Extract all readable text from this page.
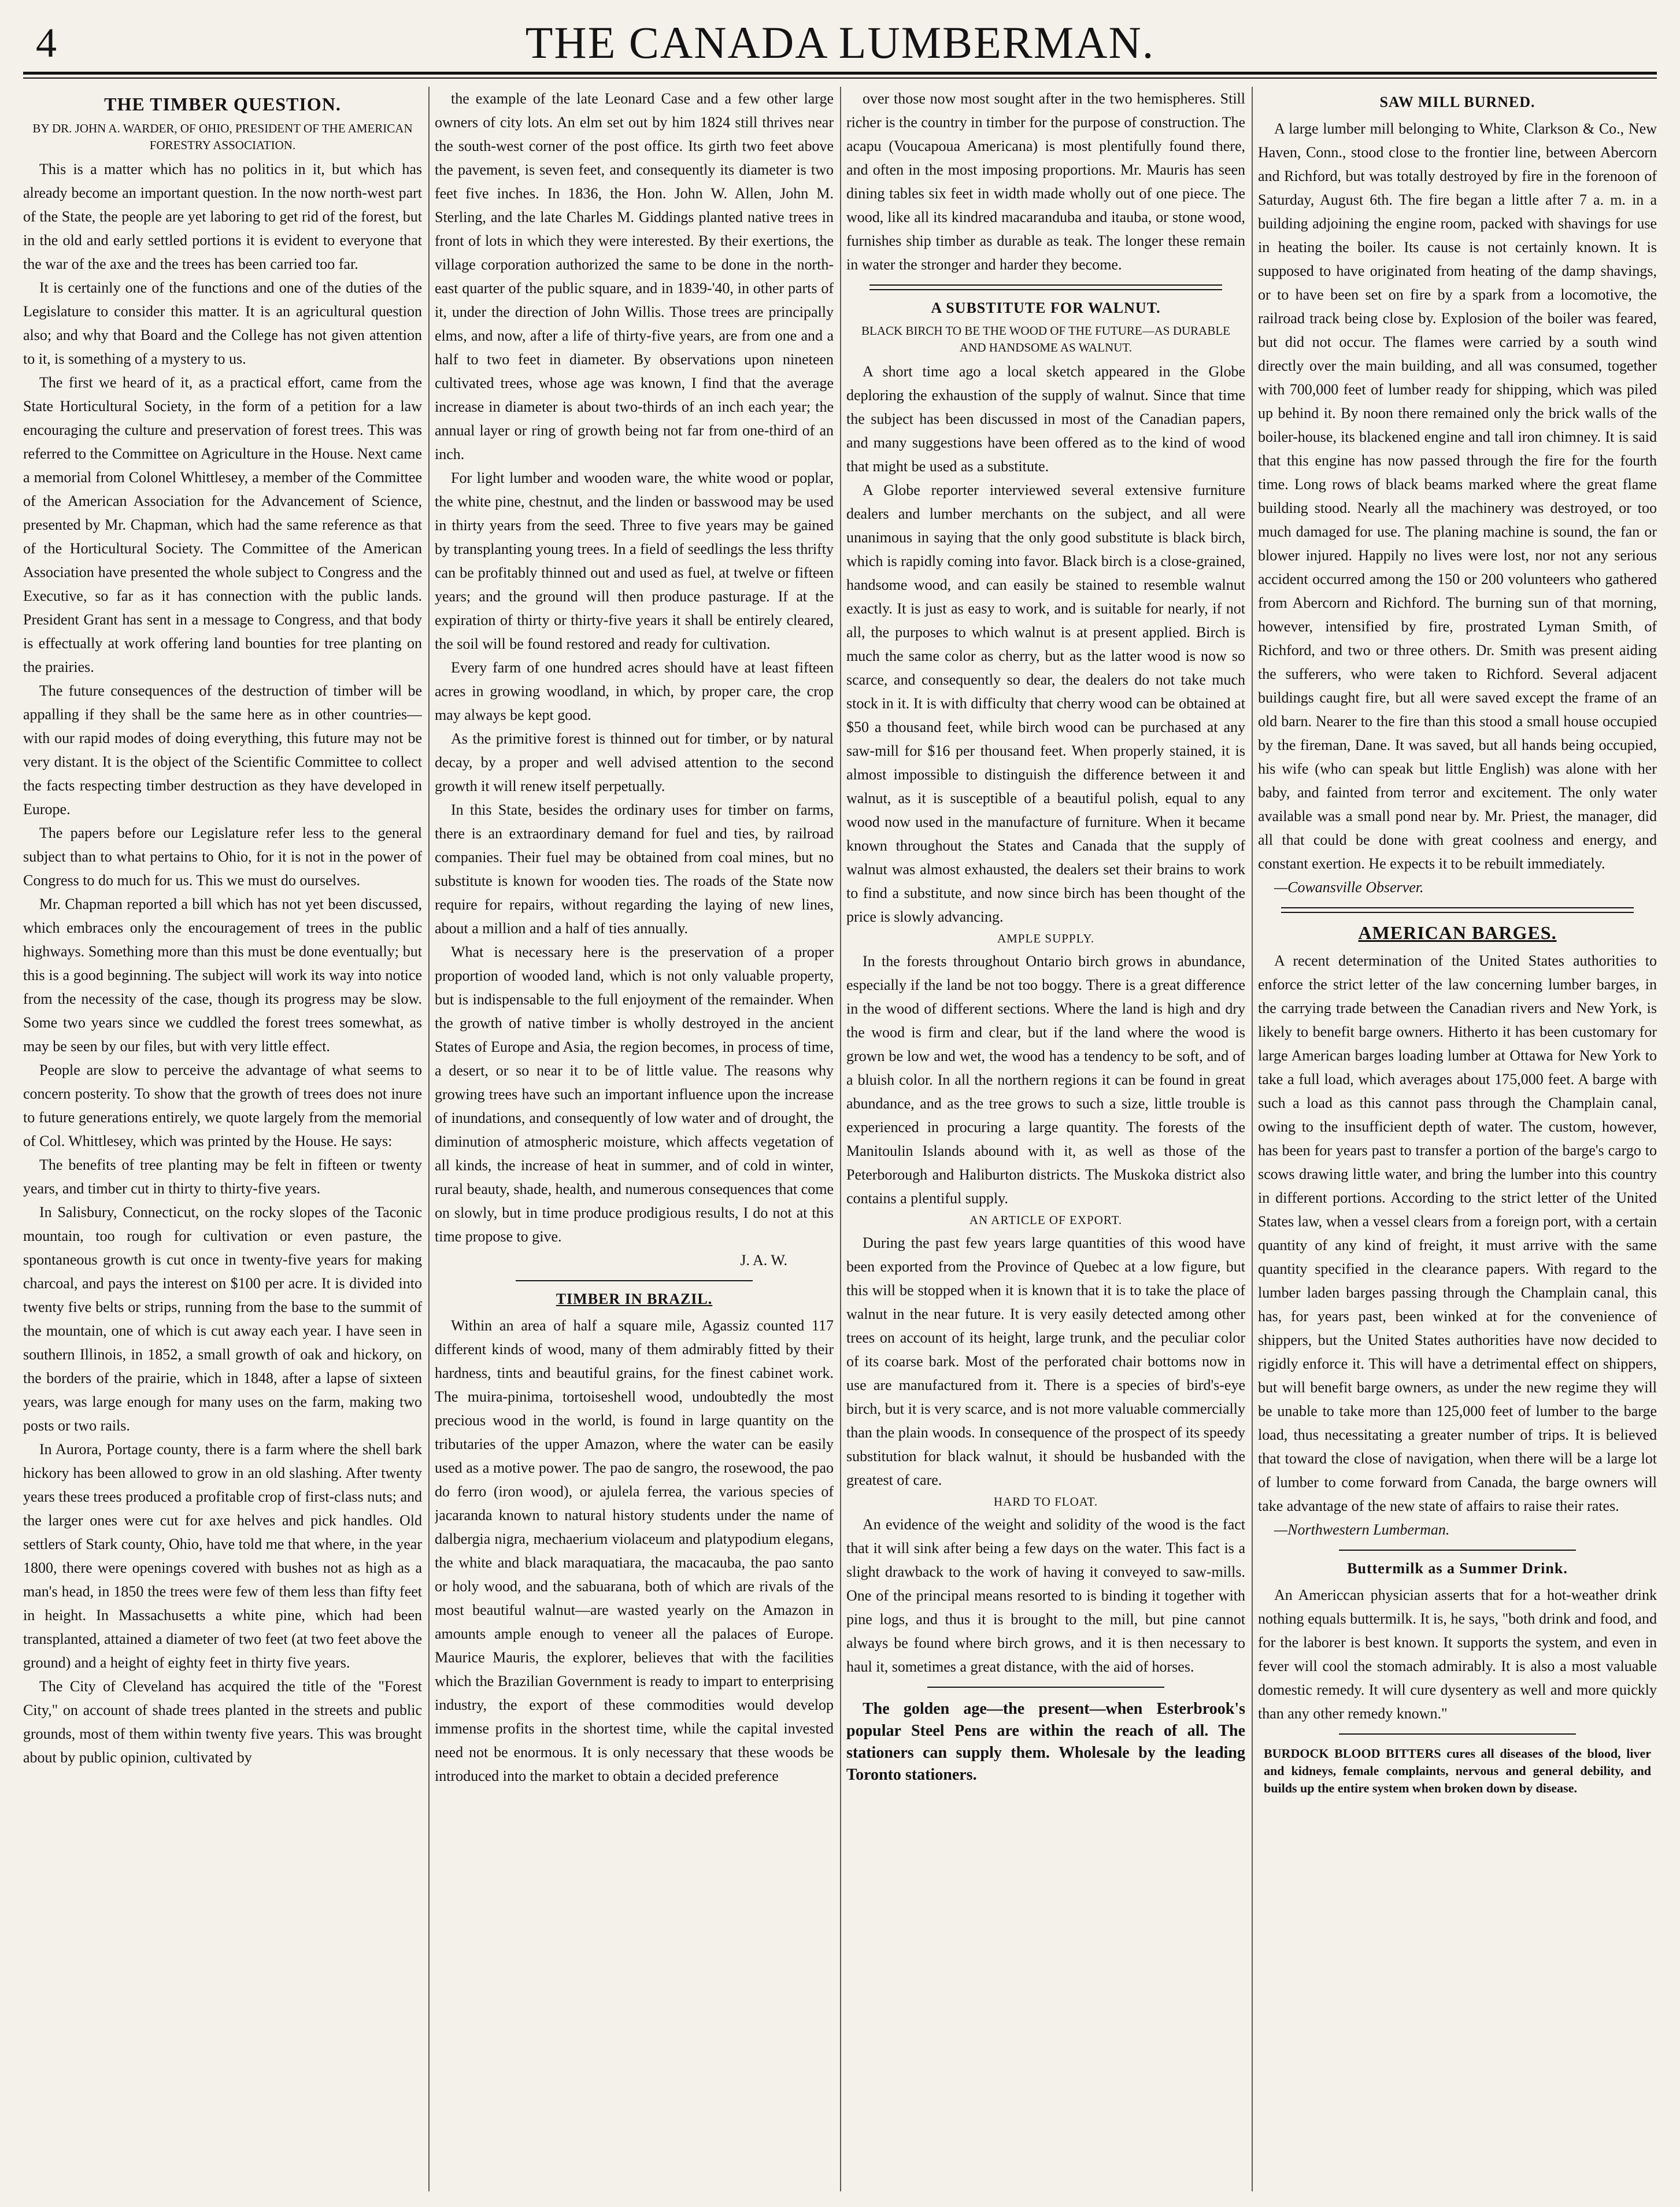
4	THE CANADA LUMBERMAN.
THE TIMBER QUESTION.
BY DR. JOHN A. WARDER, OF OHIO, PRESIDENT OF THE AMERICAN FORESTRY ASSOCIATION.

This is a matter which has no politics in it, but which has already become an important question. In the now north-west part of the State, the people are yet laboring to get rid of the forest, but in the old and early settled portions it is evident to everyone that the war of the axe and the trees has been carried too far.

It is certainly one of the functions and one of the duties of the Legislature to consider this matter. It is an agricultural question also; and why that Board and the College has not given attention to it, is something of a mystery to us.

The first we heard of it, as a practical effort, came from the State Horticultural Society, in the form of a petition for a law encouraging the culture and preservation of forest trees. This was referred to the Committee on Agriculture in the House. Next came a memorial from Colonel Whittlesey, a member of the Committee of the American Association for the Advancement of Science, presented by Mr. Chapman, which had the same reference as that of the Horticultural Society. The Committee of the American Association have presented the whole subject to Congress and the Executive, so far as it has connection with the public lands. President Grant has sent in a message to Congress, and that body is effectually at work offering land bounties for tree planting on the prairies.

The future consequences of the destruction of timber will be appalling if they shall be the same here as in other countries—with our rapid modes of doing everything, this future may not be very distant. It is the object of the Scientific Committee to collect the facts respecting timber destruction as they have developed in Europe.

The papers before our Legislature refer less to the general subject than to what pertains to Ohio, for it is not in the power of Congress to do much for us. This we must do ourselves.

Mr. Chapman reported a bill which has not yet been discussed, which embraces only the encouragement of trees in the public highways. Something more than this must be done eventually; but this is a good beginning. The subject will work its way into notice from the necessity of the case, though its progress may be slow. Some two years since we cuddled the forest trees somewhat, as may be seen by our files, but with very little effect.

People are slow to perceive the advantage of what seems to concern posterity. To show that the growth of trees does not inure to future generations entirely, we quote largely from the memorial of Col. Whittlesey, which was printed by the House. He says:

The benefits of tree planting may be felt in fifteen or twenty years, and timber cut in thirty to thirty-five years.

In Salisbury, Connecticut, on the rocky slopes of the Taconic mountain, too rough for cultivation or even pasture, the spontaneous growth is cut once in twenty-five years for making charcoal, and pays the interest on $100 per acre. It is divided into twenty five belts or strips, running from the base to the summit of the mountain, one of which is cut away each year. I have seen in southern Illinois, in 1852, a small growth of oak and hickory, on the borders of the prairie, which in 1848, after a lapse of sixteen years, was large enough for many uses on the farm, making two posts or two rails.

In Aurora, Portage county, there is a farm where the shell bark hickory has been allowed to grow in an old slashing. After twenty years these trees produced a profitable crop of first-class nuts; and the larger ones were cut for axe helves and pick handles. Old settlers of Stark county, Ohio, have told me that where, in the year 1800, there were openings covered with bushes not as high as a man's head, in 1850 the trees were few of them less than fifty feet in height. In Massachusetts a white pine, which had been transplanted, attained a diameter of two feet (at two feet above the ground) and a height of eighty feet in thirty five years.

The City of Cleveland has acquired the title of the "Forest City," on account of shade trees planted in the streets and public grounds, most of them within twenty five years. This was brought about by public opinion, cultivated by

the example of the late Leonard Case and a few other large owners of city lots. An elm set out by him 1824 still thrives near the south-west corner of the post office. Its girth two feet above the pavement, is seven feet, and consequently its diameter is two feet five inches. In 1836, the Hon. John W. Allen, John M. Sterling, and the late Charles M. Giddings planted native trees in front of lots in which they were interested. By their exertions, the village corporation authorized the same to be done in the north-east quarter of the public square, and in 1839-'40, in other parts of it, under the direction of John Willis. Those trees are principally elms, and now, after a life of thirty-five years, are from one and a half to two feet in diameter. By observations upon nineteen cultivated trees, whose age was known, I find that the average increase in diameter is about two-thirds of an inch each year; the annual layer or ring of growth being not far from one-third of an inch.

For light lumber and wooden ware, the white wood or poplar, the white pine, chestnut, and the linden or basswood may be used in thirty years from the seed. Three to five years may be gained by transplanting young trees. In a field of seedlings the less thrifty can be profitably thinned out and used as fuel, at twelve or fifteen years; and the ground will then produce pasturage. If at the expiration of thirty or thirty-five years it shall be entirely cleared, the soil will be found restored and ready for cultivation.

Every farm of one hundred acres should have at least fifteen acres in growing woodland, in which, by proper care, the crop may always be kept good.

As the primitive forest is thinned out for timber, or by natural decay, by a proper and well advised attention to the second growth it will renew itself perpetually.

In this State, besides the ordinary uses for timber on farms, there is an extraordinary demand for fuel and ties, by railroad companies. Their fuel may be obtained from coal mines, but no substitute is known for wooden ties. The roads of the State now require for repairs, without regarding the laying of new lines, about a million and a half of ties annually.

What is necessary here is the preservation of a proper proportion of wooded land, which is not only valuable property, but is indispensable to the full enjoyment of the remainder. When the growth of native timber is wholly destroyed in the ancient States of Europe and Asia, the region becomes, in process of time, a desert, or so near it to be of little value. The reasons why growing trees have such an important influence upon the increase of inundations, and consequently of low water and of drought, the diminution of atmospheric moisture, which affects vegetation of all kinds, the increase of heat in summer, and of cold in winter, rural beauty, shade, health, and numerous consequences that come on slowly, but in time produce prodigious results, I do not at this time propose to give.

J. A. W.

TIMBER IN BRAZIL.

Within an area of half a square mile, Agassiz counted 117 different kinds of wood, many of them admirably fitted by their hardness, tints and beautiful grains, for the finest cabinet work. The muira-pinima, tortoiseshell wood, undoubtedly the most precious wood in the world, is found in large quantity on the tributaries of the upper Amazon, where the water can be easily used as a motive power. The pao de sangro, the rosewood, the pao do ferro (iron wood), or ajulela ferrea, the various species of jacaranda known to natural history students under the name of dalbergia nigra, mechaerium violaceum and platypodium elegans, the white and black maraquatiara, the macacauba, the pao santo or holy wood, and the sabuarana, both of which are rivals of the most beautiful walnut—are wasted yearly on the Amazon in amounts ample enough to veneer all the palaces of Europe. Maurice Mauris, the explorer, believes that with the facilities which the Brazilian Government is ready to impart to enterprising industry, the export of these commodities would develop immense profits in the shortest time, while the capital invested need not be enormous. It is only necessary that these woods be introduced into the market to obtain a decided preference

over those now most sought after in the two hemispheres. Still richer is the country in timber for the purpose of construction. The acapu (Voucapoua Americana) is most plentifully found there, and often in the most imposing proportions. Mr. Mauris has seen dining tables six feet in width made wholly out of one piece. The wood, like all its kindred macaranduba and itauba, or stone wood, furnishes ship timber as durable as teak. The longer these remain in water the stronger and harder they become.

A SUBSTITUTE FOR WALNUT.
BLACK BIRCH TO BE THE WOOD OF THE FUTURE—AS DURABLE AND HANDSOME AS WALNUT.

A short time ago a local sketch appeared in the Globe deploring the exhaustion of the supply of walnut. Since that time the subject has been discussed in most of the Canadian papers, and many suggestions have been offered as to the kind of wood that might be used as a substitute.

A Globe reporter interviewed several extensive furniture dealers and lumber merchants on the subject, and all were unanimous in saying that the only good substitute is black birch, which is rapidly coming into favor. Black birch is a close-grained, handsome wood, and can easily be stained to resemble walnut exactly. It is just as easy to work, and is suitable for nearly, if not all, the purposes to which walnut is at present applied. Birch is much the same color as cherry, but as the latter wood is now so scarce, and consequently so dear, the dealers do not take much stock in it. It is with difficulty that cherry wood can be obtained at $50 a thousand feet, while birch wood can be purchased at any saw-mill for $16 per thousand feet. When properly stained, it is almost impossible to distinguish the difference between it and walnut, as it is susceptible of a beautiful polish, equal to any wood now used in the manufacture of furniture. When it became known throughout the States and Canada that the supply of walnut was almost exhausted, the dealers set their brains to work to find a substitute, and now since birch has been thought of the price is slowly advancing.

AMPLE SUPPLY.

In the forests throughout Ontario birch grows in abundance, especially if the land be not too boggy. There is a great difference in the wood of different sections. Where the land is high and dry the wood is firm and clear, but if the land where the wood is grown be low and wet, the wood has a tendency to be soft, and of a bluish color. In all the northern regions it can be found in great abundance, and as the tree grows to such a size, little trouble is experienced in procuring a large quantity. The forests of the Manitoulin Islands abound with it, as well as those of the Peterborough and Haliburton districts. The Muskoka district also contains a plentiful supply.

AN ARTICLE OF EXPORT.

During the past few years large quantities of this wood have been exported from the Province of Quebec at a low figure, but this will be stopped when it is known that it is to take the place of walnut in the near future. It is very easily detected among other trees on account of its height, large trunk, and the peculiar color of its coarse bark. Most of the perforated chair bottoms now in use are manufactured from it. There is a species of bird's-eye birch, but it is very scarce, and is not more valuable commercially than the plain woods. In consequence of the prospect of its speedy substitution for black walnut, it should be husbanded with the greatest of care.

HARD TO FLOAT.

An evidence of the weight and solidity of the wood is the fact that it will sink after being a few days on the water. This fact is a slight drawback to the work of having it conveyed to saw-mills. One of the principal means resorted to is binding it together with pine logs, and thus it is brought to the mill, but pine cannot always be found where birch grows, and it is then necessary to haul it, sometimes a great distance, with the aid of horses.

The golden age—the present—when Esterbrook's popular Steel Pens are within the reach of all. The stationers can supply them. Wholesale by the leading Toronto stationers.

SAW MILL BURNED.

A large lumber mill belonging to White, Clarkson & Co., New Haven, Conn., stood close to the frontier line, between Abercorn and Richford, but was totally destroyed by fire in the forenoon of Saturday, August 6th. The fire began a little after 7 a. m. in a building adjoining the engine room, packed with shavings for use in heating the boiler. Its cause is not certainly known. It is supposed to have originated from heating of the damp shavings, or to have been set on fire by a spark from a locomotive, the railroad track being close by. Explosion of the boiler was feared, but did not occur. The flames were carried by a south wind directly over the main building, and all was consumed, together with 700,000 feet of lumber ready for shipping, which was piled up behind it. By noon there remained only the brick walls of the boiler-house, its blackened engine and tall iron chimney. It is said that this engine has now passed through the fire for the fourth time. Long rows of black beams marked where the great flame building stood. Nearly all the machinery was destroyed, or too much damaged for use. The planing machine is sound, the fan or blower injured. Happily no lives were lost, nor not any serious accident occurred among the 150 or 200 volunteers who gathered from Abercorn and Richford. The burning sun of that morning, however, intensified by fire, prostrated Lyman Smith, of Richford, and two or three others. Dr. Smith was present aiding the sufferers, who were taken to Richford. Several adjacent buildings caught fire, but all were saved except the frame of an old barn. Nearer to the fire than this stood a small house occupied by the fireman, Dane. It was saved, but all hands being occupied, his wife (who can speak but little English) was alone with her baby, and fainted from terror and excitement. The only water available was a small pond near by. Mr. Priest, the manager, did all that could be done with great coolness and energy, and constant exertion. He expects it to be rebuilt immediately.

—Cowansville Observer.

AMERICAN BARGES.

A recent determination of the United States authorities to enforce the strict letter of the law concerning lumber barges, in the carrying trade between the Canadian rivers and New York, is likely to benefit barge owners. Hitherto it has been customary for large American barges loading lumber at Ottawa for New York to take a full load, which averages about 175,000 feet. A barge with such a load as this cannot pass through the Champlain canal, owing to the insufficient depth of water. The custom, however, has been for years past to transfer a portion of the barge's cargo to scows drawing little water, and bring the lumber into this country in different portions. According to the strict letter of the United States law, when a vessel clears from a foreign port, with a certain quantity of any kind of freight, it must arrive with the same quantity specified in the clearance papers. With regard to the lumber laden barges passing through the Champlain canal, this has, for years past, been winked at for the convenience of shippers, but the United States authorities have now decided to rigidly enforce it. This will have a detrimental effect on shippers, but will benefit barge owners, as under the new regime they will be unable to take more than 125,000 feet of lumber to the barge load, thus necessitating a greater number of trips. It is believed that toward the close of navigation, when there will be a large lot of lumber to come forward from Canada, the barge owners will take advantage of the new state of affairs to raise their rates.

—Northwestern Lumberman.

Buttermilk as a Summer Drink.

An Americcan physician asserts that for a hot-weather drink nothing equals buttermilk. It is, he says, "both drink and food, and for the laborer is best known. It supports the system, and even in fever will cool the stomach admirably. It is also a most valuable domestic remedy. It will cure dysentery as well and more quickly than any other remedy known."

BURDOCK BLOOD BITTERS cures all diseases of the blood, liver and kidneys, female complaints, nervous and general debility, and builds up the entire system when broken down by disease.
